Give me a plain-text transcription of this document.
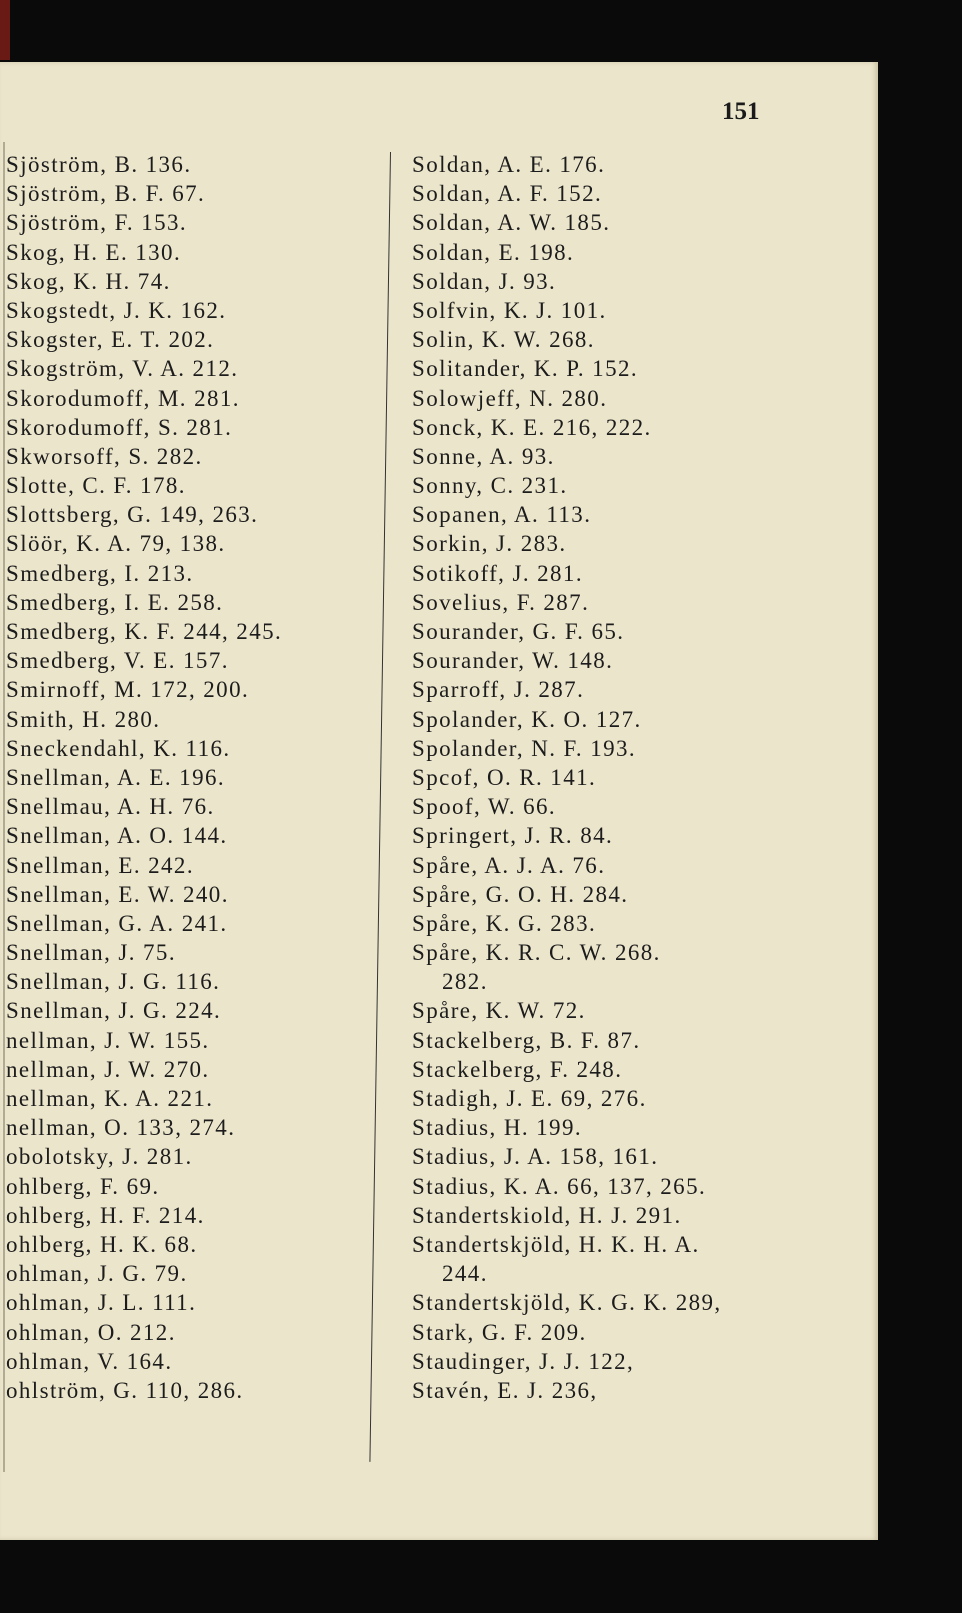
151
Sjöström, B. 136.
Sjöström, B. F. 67.
Sjöström, F. 153.
Skog, H. E. 130.
Skog, K. H. 74.
Skogstedt, J. K. 162.
Skogster, E. T. 202.
Skogström, V. A. 212.
Skorodumoff, M. 281.
Skorodumoff, S. 281.
Skworsoff, S. 282.
Slotte, C. F. 178.
Slottsberg, G. 149, 263.
Slöör, K. A. 79, 138.
Smedberg, I. 213.
Smedberg, I. E. 258.
Smedberg, K. F. 244, 245.
Smedberg, V. E. 157.
Smirnoff, M. 172, 200.
Smith, H. 280.
Sneckendahl, K. 116.
Snellman, A. E. 196.
Snellmau, A. H. 76.
Snellman, A. O. 144.
Snellman, E. 242.
Snellman, E. W. 240.
Snellman, G. A. 241.
Snellman, J. 75.
Snellman, J. G. 116.
Snellman, J. G. 224.
nellman, J. W. 155.
nellman, J. W. 270.
nellman, K. A. 221.
nellman, O. 133, 274.
obolotsky, J. 281.
ohlberg, F. 69.
ohlberg, H. F. 214.
ohlberg, H. K. 68.
ohlman, J. G. 79.
ohlman, J. L. 111.
ohlman, O. 212.
ohlman, V. 164.
ohlström, G. 110, 286.
Soldan, A. E. 176.
Soldan, A. F. 152.
Soldan, A. W. 185.
Soldan, E. 198.
Soldan, J. 93.
Solfvin, K. J. 101.
Solin, K. W. 268.
Solitander, K. P. 152.
Solowjeff, N. 280.
Sonck, K. E. 216, 222.
Sonne, A. 93.
Sonny, C. 231.
Sopanen, A. 113.
Sorkin, J. 283.
Sotikoff, J. 281.
Sovelius, F. 287.
Sourander, G. F. 65.
Sourander, W. 148.
Sparroff, J. 287.
Spolander, K. O. 127.
Spolander, N. F. 193.
Spcof, O. R. 141.
Spoof, W. 66.
Springert, J. R. 84.
Spåre, A. J. A. 76.
Spåre, G. O. H. 284.
Spåre, K. G. 283.
Spåre, K. R. C. W. 268.
282.
Spåre, K. W. 72.
Stackelberg, B. F. 87.
Stackelberg, F. 248.
Stadigh, J. E. 69, 276.
Stadius, H. 199.
Stadius, J. A. 158, 161.
Stadius, K. A. 66, 137, 265.
Standertskiold, H. J. 291.
Standertskjöld, H. K. H. A.
244.
Standertskjöld, K. G. K. 289,
Stark, G. F. 209.
Staudinger, J. J. 122,
Stavén, E. J. 236,
